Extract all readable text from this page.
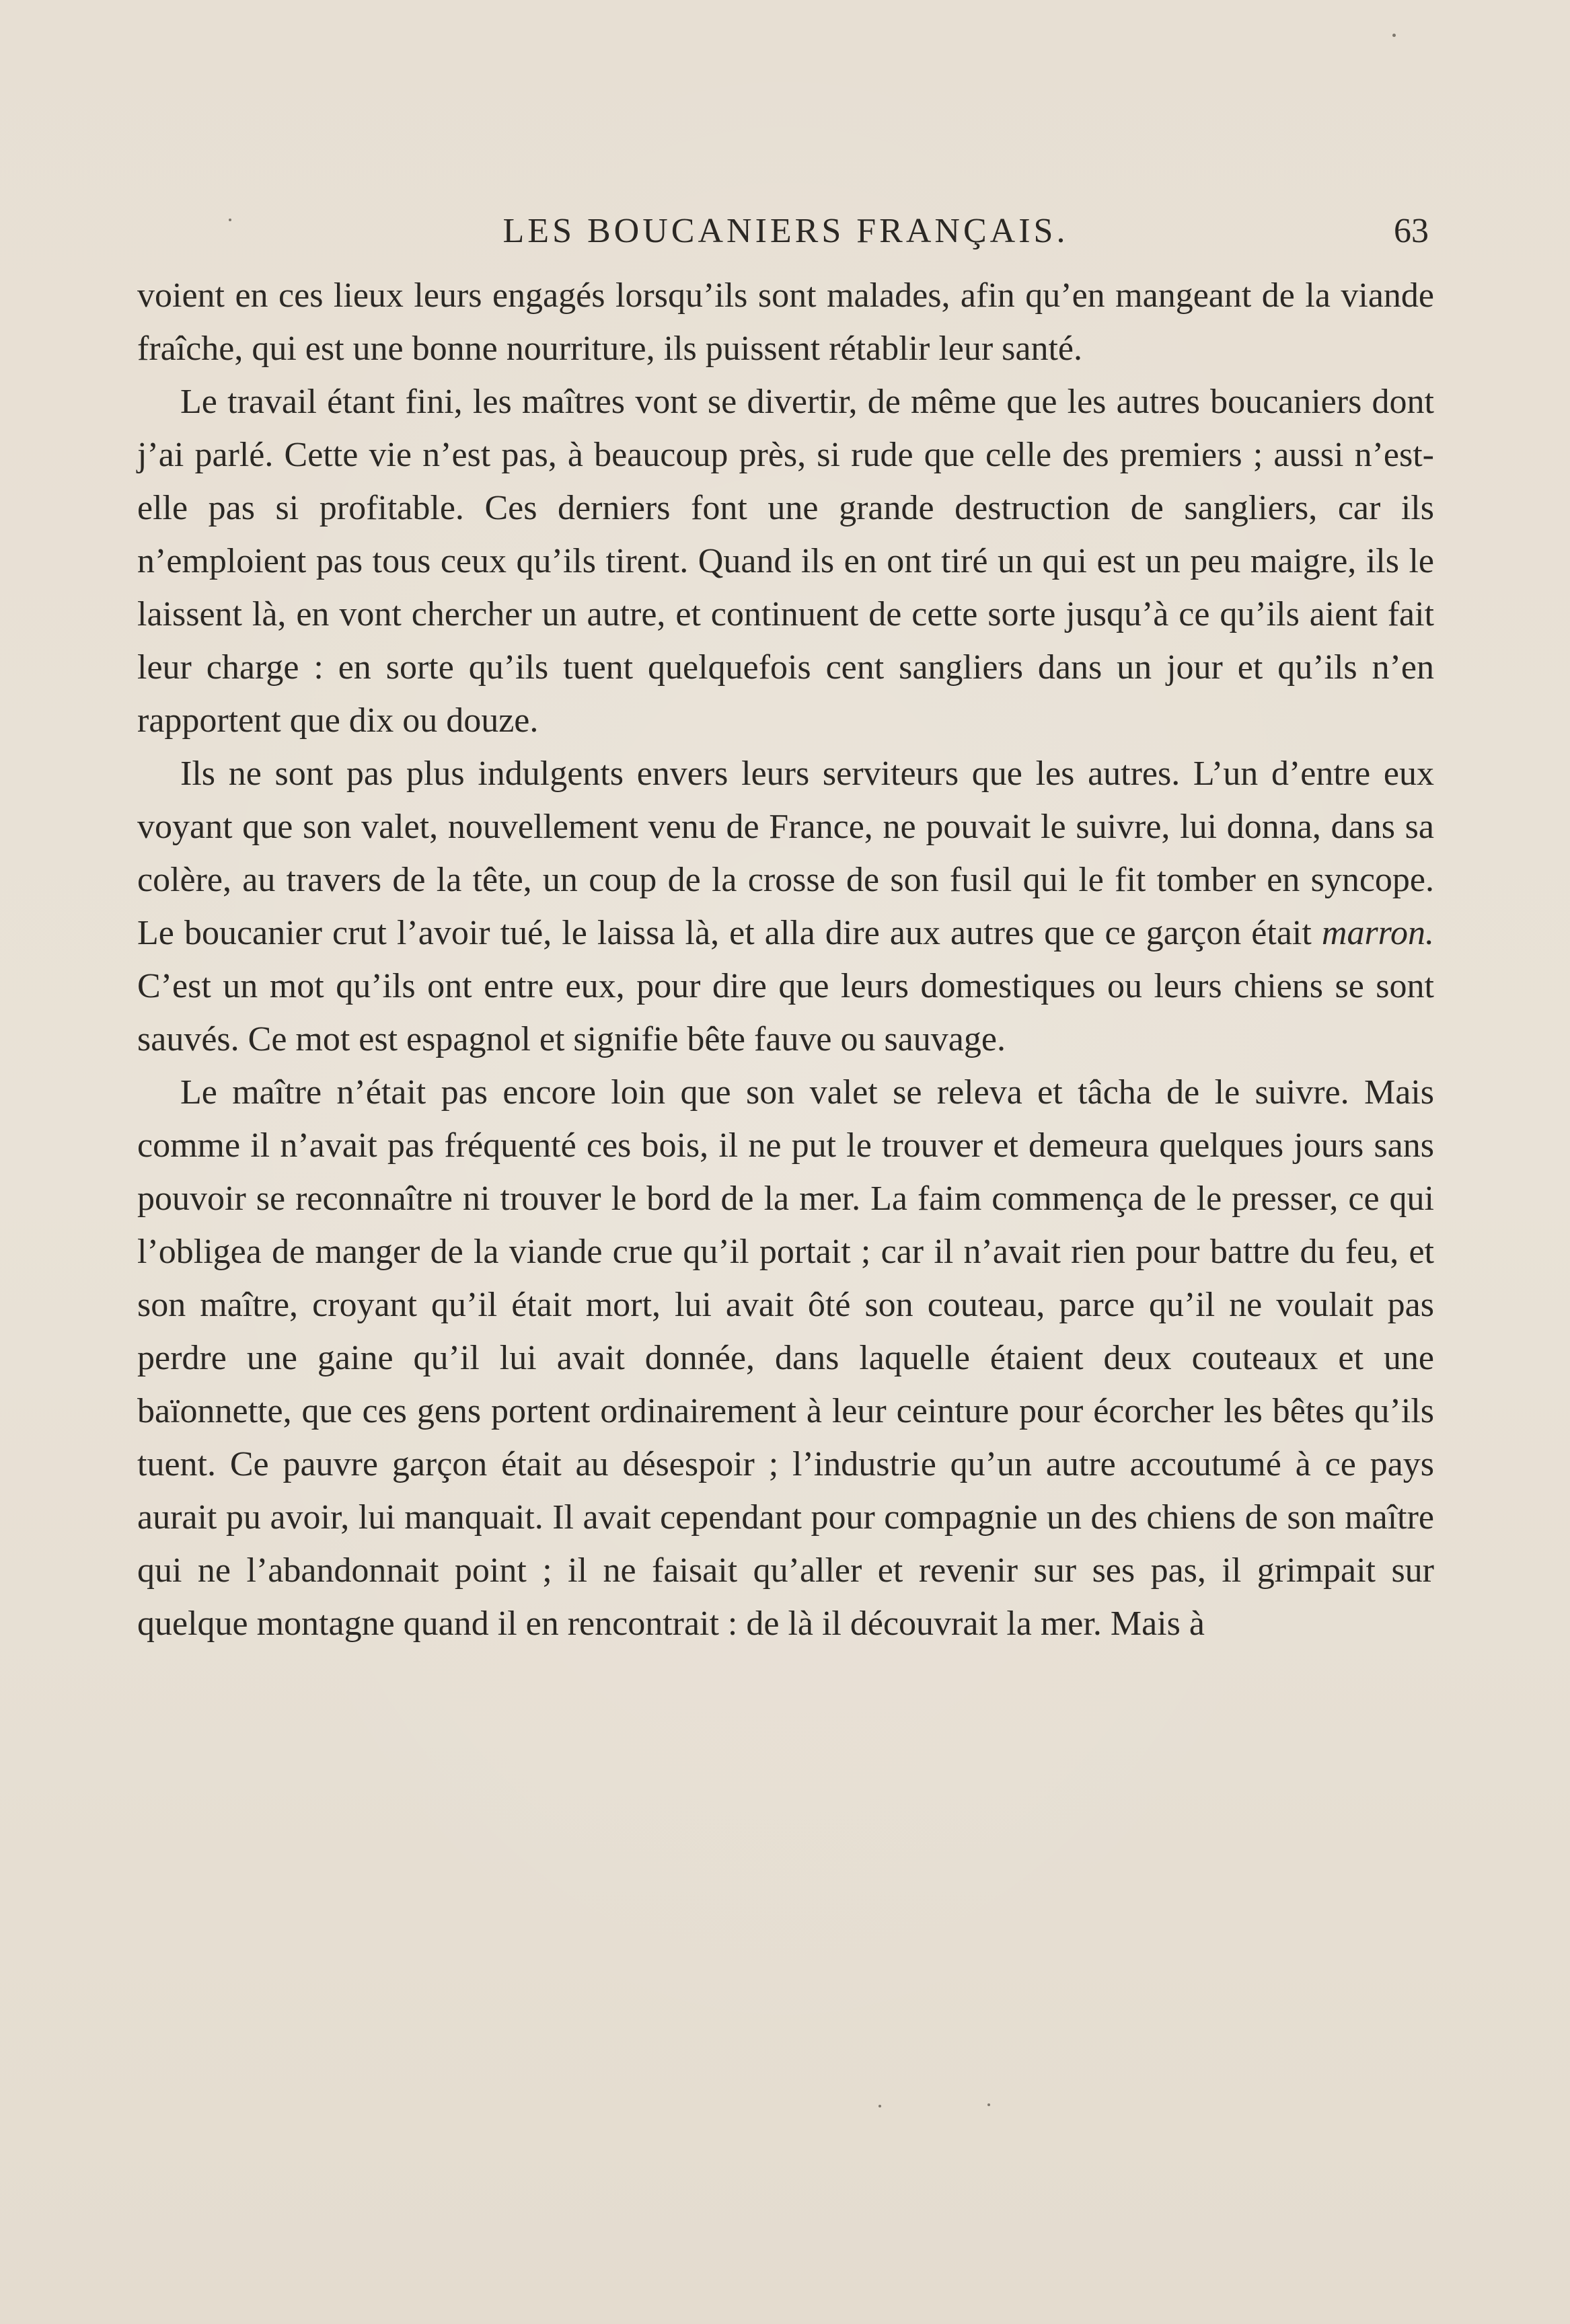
LES BOUCANIERS FRANÇAIS.	63

voient en ces lieux leurs engagés lorsqu’ils sont malades, afin qu’en mangeant de la viande fraîche, qui est une bonne nourriture, ils puissent rétablir leur santé.

Le travail étant fini, les maîtres vont se divertir, de même que les autres boucaniers dont j’ai parlé. Cette vie n’est pas, à beaucoup près, si rude que celle des premiers ; aussi n’est-elle pas si profitable. Ces derniers font une grande destruction de sangliers, car ils n’emploient pas tous ceux qu’ils tirent. Quand ils en ont tiré un qui est un peu maigre, ils le laissent là, en vont chercher un autre, et continuent de cette sorte jusqu’à ce qu’ils aient fait leur charge : en sorte qu’ils tuent quelquefois cent sangliers dans un jour et qu’ils n’en rapportent que dix ou douze.

Ils ne sont pas plus indulgents envers leurs serviteurs que les autres. L’un d’entre eux voyant que son valet, nouvellement venu de France, ne pouvait le suivre, lui donna, dans sa colère, au travers de la tête, un coup de la crosse de son fusil qui le fit tomber en syncope. Le boucanier crut l’avoir tué, le laissa là, et alla dire aux autres que ce garçon était marron. C’est un mot qu’ils ont entre eux, pour dire que leurs domestiques ou leurs chiens se sont sauvés. Ce mot est espagnol et signifie bête fauve ou sauvage.

Le maître n’était pas encore loin que son valet se releva et tâcha de le suivre. Mais comme il n’avait pas fréquenté ces bois, il ne put le trouver et demeura quelques jours sans pouvoir se reconnaître ni trouver le bord de la mer. La faim commença de le presser, ce qui l’obligea de manger de la viande crue qu’il portait ; car il n’avait rien pour battre du feu, et son maître, croyant qu’il était mort, lui avait ôté son couteau, parce qu’il ne voulait pas perdre une gaine qu’il lui avait donnée, dans laquelle étaient deux couteaux et une baïonnette, que ces gens portent ordinairement à leur ceinture pour écorcher les bêtes qu’ils tuent. Ce pauvre garçon était au désespoir ; l’industrie qu’un autre accoutumé à ce pays aurait pu avoir, lui manquait. Il avait cependant pour compagnie un des chiens de son maître qui ne l’abandonnait point ; il ne faisait qu’aller et revenir sur ses pas, il grimpait sur quelque montagne quand il en rencontrait : de là il découvrait la mer. Mais à
